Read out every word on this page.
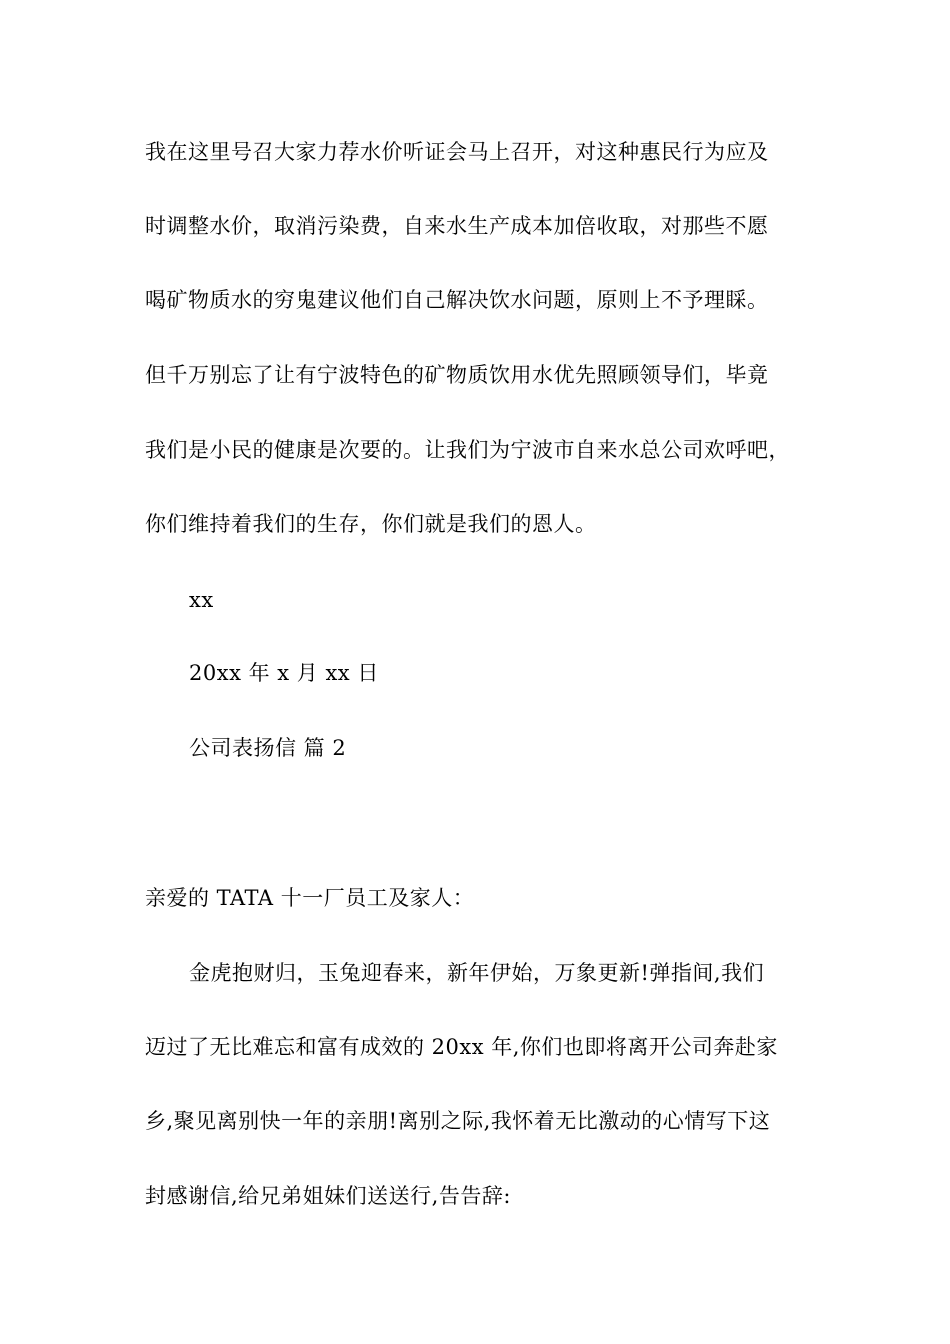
我在这里号召大家力荐水价听证会马上召开，对这种惠民行为应及
时调整水价，取消污染费，自来水生产成本加倍收取，对那些不愿
喝矿物质水的穷鬼建议他们自己解决饮水问题，原则上不予理睬。
但千万别忘了让有宁波特色的矿物质饮用水优先照顾领导们，毕竟
我们是小民的健康是次要的。让我们为宁波市自来水总公司欢呼吧，
你们维持着我们的生存，你们就是我们的恩人。
xx
20xx 年 x 月 xx 日
公司表扬信 篇 2
亲爱的 TATA 十一厂员工及家人：
金虎抱财归，玉兔迎春来，新年伊始，万象更新!弹指间,我们
迈过了无比难忘和富有成效的 20xx 年,你们也即将离开公司奔赴家
乡,聚见离别快一年的亲朋!离别之际,我怀着无比激动的心情写下这
封感谢信,给兄弟姐妹们送送行,告告辞:
